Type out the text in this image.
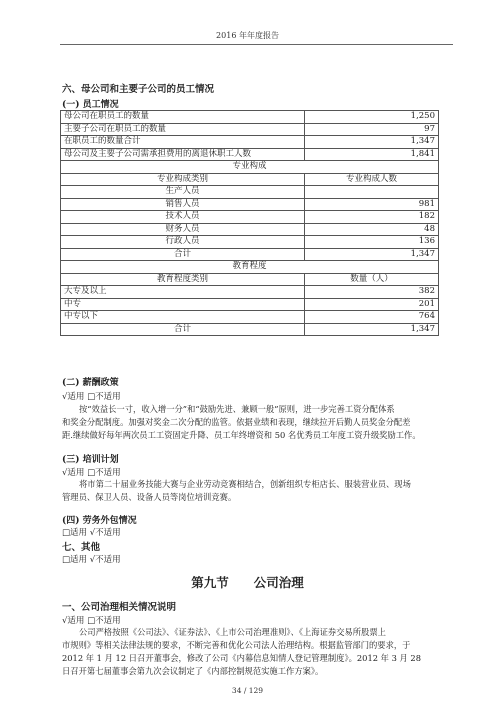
2016 年年度报告
六、母公司和主要子公司的员工情况
(一) 员工情况
母公司在职员工的数量	1,250
主要子公司在职员工的数量	97
在职员工的数量合计	1,347
母公司及主要子公司需承担费用的离退休职工人数	1,841
专业构成	
专业构成类别	专业构成人数
生产人员	
销售人员	981
技术人员	182
财务人员	48
行政人员	136
合计	1,347
教育程度	
教育程度类别	数量（人）
大专及以上	382
中专	201
中专以下	764
合计	1,347
(二) 薪酬政策
√适用 □不适用
按“效益长一寸，收入增一分”和“鼓励先进、兼顾一般”原则，进一步完善工资分配体系
和奖金分配制度。加强对奖金二次分配的监管。依据业绩和表现，继续拉开后勤人员奖金分配差
距.继续做好每年两次员工工资固定升降、员工年终增资和 50 名优秀员工年度工资升级奖励工作。
(三) 培训计划
√适用 □不适用
将市第二十届业务技能大赛与企业劳动竞赛相结合，创新组织专柜店长、服装营业员、现场
管理员、保卫人员、设备人员等岗位培训竞赛。
(四) 劳务外包情况
□适用 √不适用
七、其他
□适用 √不适用
第九节　　公司治理
一、公司治理相关情况说明
√适用 □不适用
公司严格按照《公司法》、《证券法》、《上市公司治理准则》、《上海证券交易所股票上
市规则》等相关法律法规的要求，不断完善和优化公司法人治理结构。根据监管部门的要求，于
2012 年 1 月 12 日召开董事会，修改了公司《内幕信息知情人登记管理制度》。2012 年 3 月 28
日召开第七届董事会第九次会议制定了《内部控制规范实施工作方案》。
34 / 129
